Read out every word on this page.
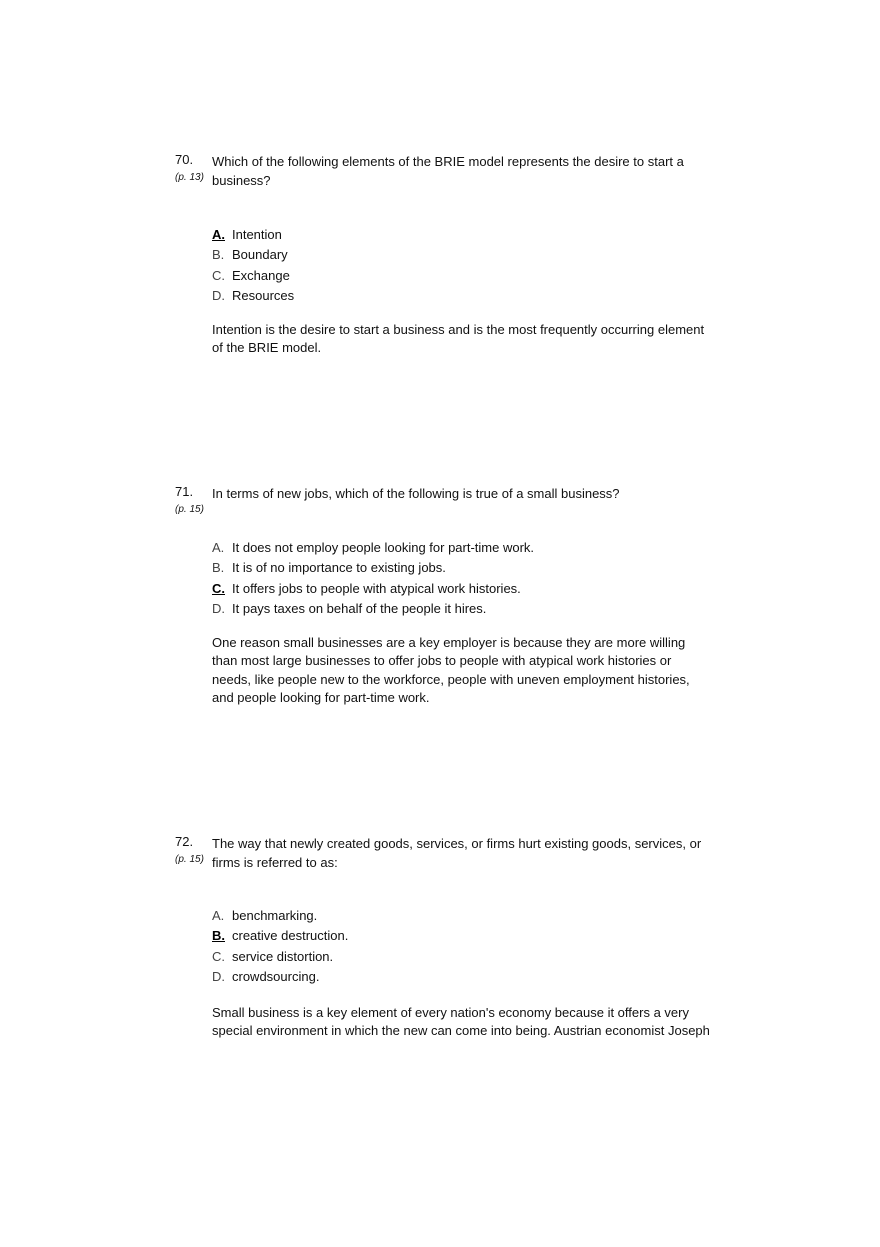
70.
(p. 13)
Which of the following elements of the BRIE model represents the desire to start a business?
A. Intention
B. Boundary
C. Exchange
D. Resources
Intention is the desire to start a business and is the most frequently occurring element of the BRIE model.
71.
(p. 15)
In terms of new jobs, which of the following is true of a small business?
A. It does not employ people looking for part-time work.
B. It is of no importance to existing jobs.
C. It offers jobs to people with atypical work histories.
D. It pays taxes on behalf of the people it hires.
One reason small businesses are a key employer is because they are more willing than most large businesses to offer jobs to people with atypical work histories or needs, like people new to the workforce, people with uneven employment histories, and people looking for part-time work.
72.
(p. 15)
The way that newly created goods, services, or firms hurt existing goods, services, or firms is referred to as:
A. benchmarking.
B. creative destruction.
C. service distortion.
D. crowdsourcing.
Small business is a key element of every nation's economy because it offers a very special environment in which the new can come into being. Austrian economist Joseph
